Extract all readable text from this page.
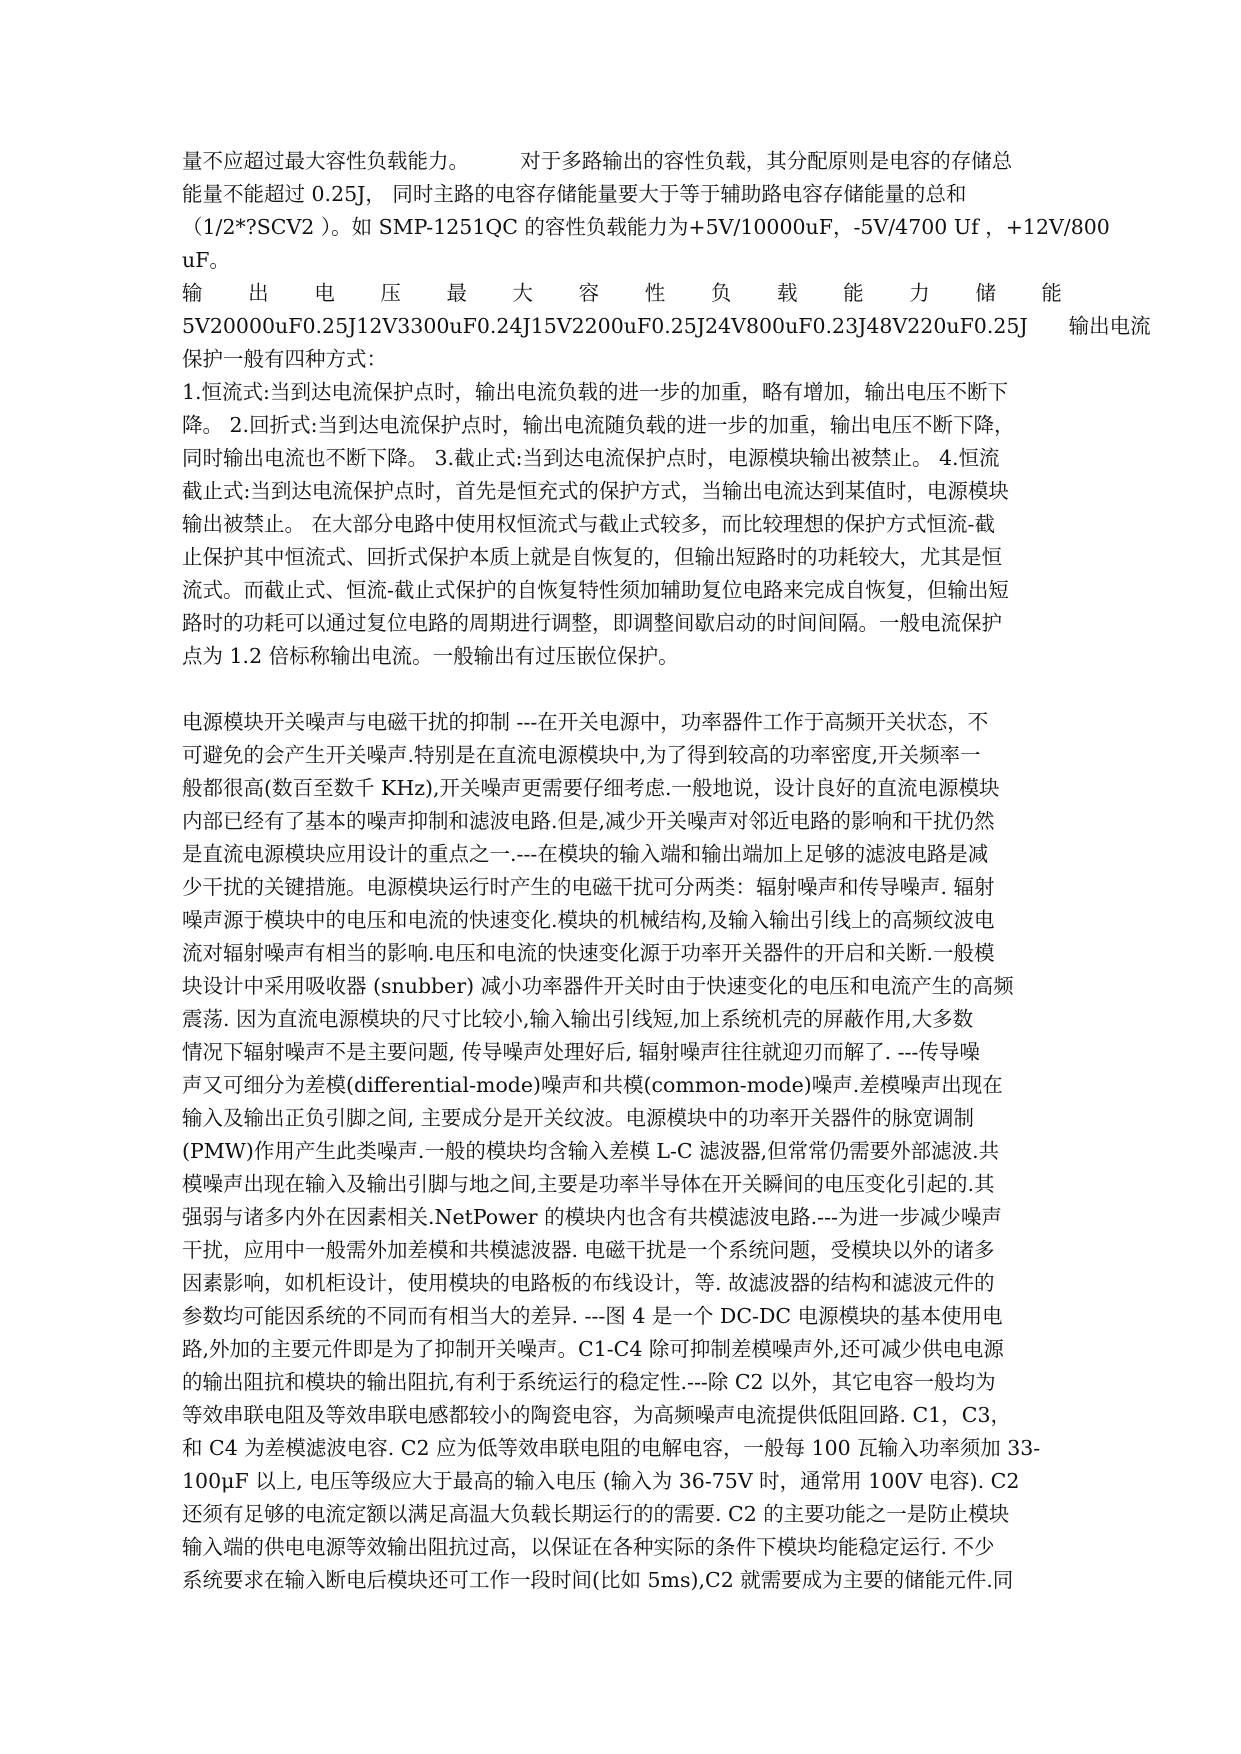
量不应超过最大容性负载能力。　　　对于多路输出的容性负载，其分配原则是电容的存储总
能量不能超过 0.25J， 同时主路的电容存储能量要大于等于辅助路电容存储能量的总和
（1/2*?SCV2 ）。如 SMP-1251QC 的容性负载能力为+5V/10000uF，-5V/4700 Uf ，+12V/800
uF。
输 出 电 压 最 大 容 性 负 载 能 力 储 能
5V20000uF0.25J12V3300uF0.24J15V2200uF0.25J24V800uF0.23J48V220uF0.25J　　输出电流
保护一般有四种方式：
1.恒流式:当到达电流保护点时，输出电流负载的进一步的加重，略有增加，输出电压不断下
降。 2.回折式:当到达电流保护点时，输出电流随负载的进一步的加重，输出电压不断下降，
同时输出电流也不断下降。 3.截止式:当到达电流保护点时，电源模块输出被禁止。 4.恒流
截止式:当到达电流保护点时，首先是恒充式的保护方式，当输出电流达到某值时，电源模块
输出被禁止。 在大部分电路中使用权恒流式与截止式较多，而比较理想的保护方式恒流-截
止保护其中恒流式、回折式保护本质上就是自恢复的，但输出短路时的功耗较大，尤其是恒
流式。而截止式、恒流-截止式保护的自恢复特性须加辅助复位电路来完成自恢复，但输出短
路时的功耗可以通过复位电路的周期进行调整，即调整间歇启动的时间间隔。一般电流保护
点为 1.2 倍标称输出电流。一般输出有过压嵌位保护。
电源模块开关噪声与电磁干扰的抑制 ---在开关电源中，功率器件工作于高频开关状态，不
可避免的会产生开关噪声.特别是在直流电源模块中,为了得到较高的功率密度,开关频率一
般都很高(数百至数千 KHz),开关噪声更需要仔细考虑.一般地说，设计良好的直流电源模块
内部已经有了基本的噪声抑制和滤波电路.但是,减少开关噪声对邻近电路的影响和干扰仍然
是直流电源模块应用设计的重点之一.---在模块的输入端和输出端加上足够的滤波电路是减
少干扰的关键措施。电源模块运行时产生的电磁干扰可分两类：辐射噪声和传导噪声. 辐射
噪声源于模块中的电压和电流的快速变化.模块的机械结构,及输入输出引线上的高频纹波电
流对辐射噪声有相当的影响.电压和电流的快速变化源于功率开关器件的开启和关断.一般模
块设计中采用吸收器 (snubber) 减小功率器件开关时由于快速变化的电压和电流产生的高频
震荡. 因为直流电源模块的尺寸比较小,输入输出引线短,加上系统机壳的屏蔽作用,大多数
情况下辐射噪声不是主要问题, 传导噪声处理好后, 辐射噪声往往就迎刃而解了. ---传导噪
声又可细分为差模(differential-mode)噪声和共模(common-mode)噪声.差模噪声出现在
输入及输出正负引脚之间, 主要成分是开关纹波。电源模块中的功率开关器件的脉宽调制
(PMW)作用产生此类噪声.一般的模块均含输入差模 L-C 滤波器,但常常仍需要外部滤波.共
模噪声出现在输入及输出引脚与地之间,主要是功率半导体在开关瞬间的电压变化引起的.其
强弱与诸多内外在因素相关.NetPower 的模块内也含有共模滤波电路.---为进一步减少噪声
干扰，应用中一般需外加差模和共模滤波器. 电磁干扰是一个系统问题，受模块以外的诸多
因素影响，如机柜设计，使用模块的电路板的布线设计，等. 故滤波器的结构和滤波元件的
参数均可能因系统的不同而有相当大的差异. ---图 4 是一个 DC-DC 电源模块的基本使用电
路,外加的主要元件即是为了抑制开关噪声。C1-C4 除可抑制差模噪声外,还可减少供电电源
的输出阻抗和模块的输出阻抗,有利于系统运行的稳定性.---除 C2 以外，其它电容一般均为
等效串联电阻及等效串联电感都较小的陶瓷电容，为高频噪声电流提供低阻回路. C1，C3，
和 C4 为差模滤波电容. C2 应为低等效串联电阻的电解电容，一般每 100 瓦输入功率须加 33-
100μF 以上, 电压等级应大于最高的输入电压 (输入为 36-75V 时，通常用 100V 电容). C2
还须有足够的电流定额以满足高温大负载长期运行的的需要. C2 的主要功能之一是防止模块
输入端的供电电源等效输出阻抗过高，以保证在各种实际的条件下模块均能稳定运行. 不少
系统要求在输入断电后模块还可工作一段时间(比如 5ms),C2 就需要成为主要的储能元件.同
